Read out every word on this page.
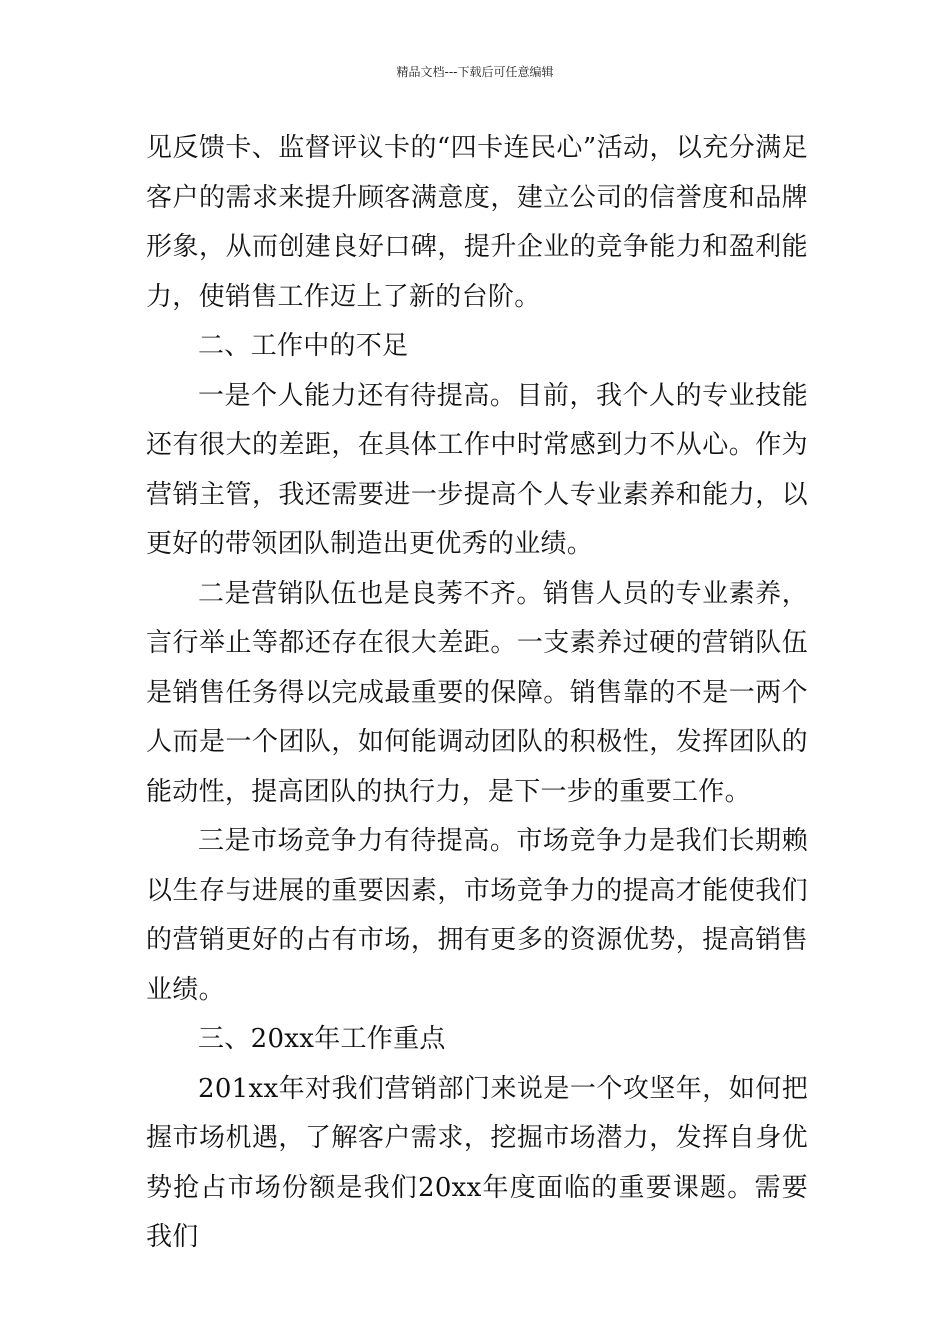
精品文档---下载后可任意编辑

见反馈卡、监督评议卡的“四卡连民心”活动，以充分满足客户的需求来提升顾客满意度，建立公司的信誉度和品牌形象，从而创建良好口碑，提升企业的竞争能力和盈利能力，使销售工作迈上了新的台阶。

二、工作中的不足

一是个人能力还有待提高。目前，我个人的专业技能还有很大的差距，在具体工作中时常感到力不从心。作为营销主管，我还需要进一步提高个人专业素养和能力，以更好的带领团队制造出更优秀的业绩。

二是营销队伍也是良莠不齐。销售人员的专业素养，言行举止等都还存在很大差距。一支素养过硬的营销队伍是销售任务得以完成最重要的保障。销售靠的不是一两个人而是一个团队，如何能调动团队的积极性，发挥团队的能动性，提高团队的执行力，是下一步的重要工作。

三是市场竞争力有待提高。市场竞争力是我们长期赖以生存与进展的重要因素，市场竞争力的提高才能使我们的营销更好的占有市场，拥有更多的资源优势，提高销售业绩。

三、20xx年工作重点

201xx年对我们营销部门来说是一个攻坚年，如何把握市场机遇，了解客户需求，挖掘市场潜力，发挥自身优势抢占市场份额是我们20xx年度面临的重要课题。需要我们
